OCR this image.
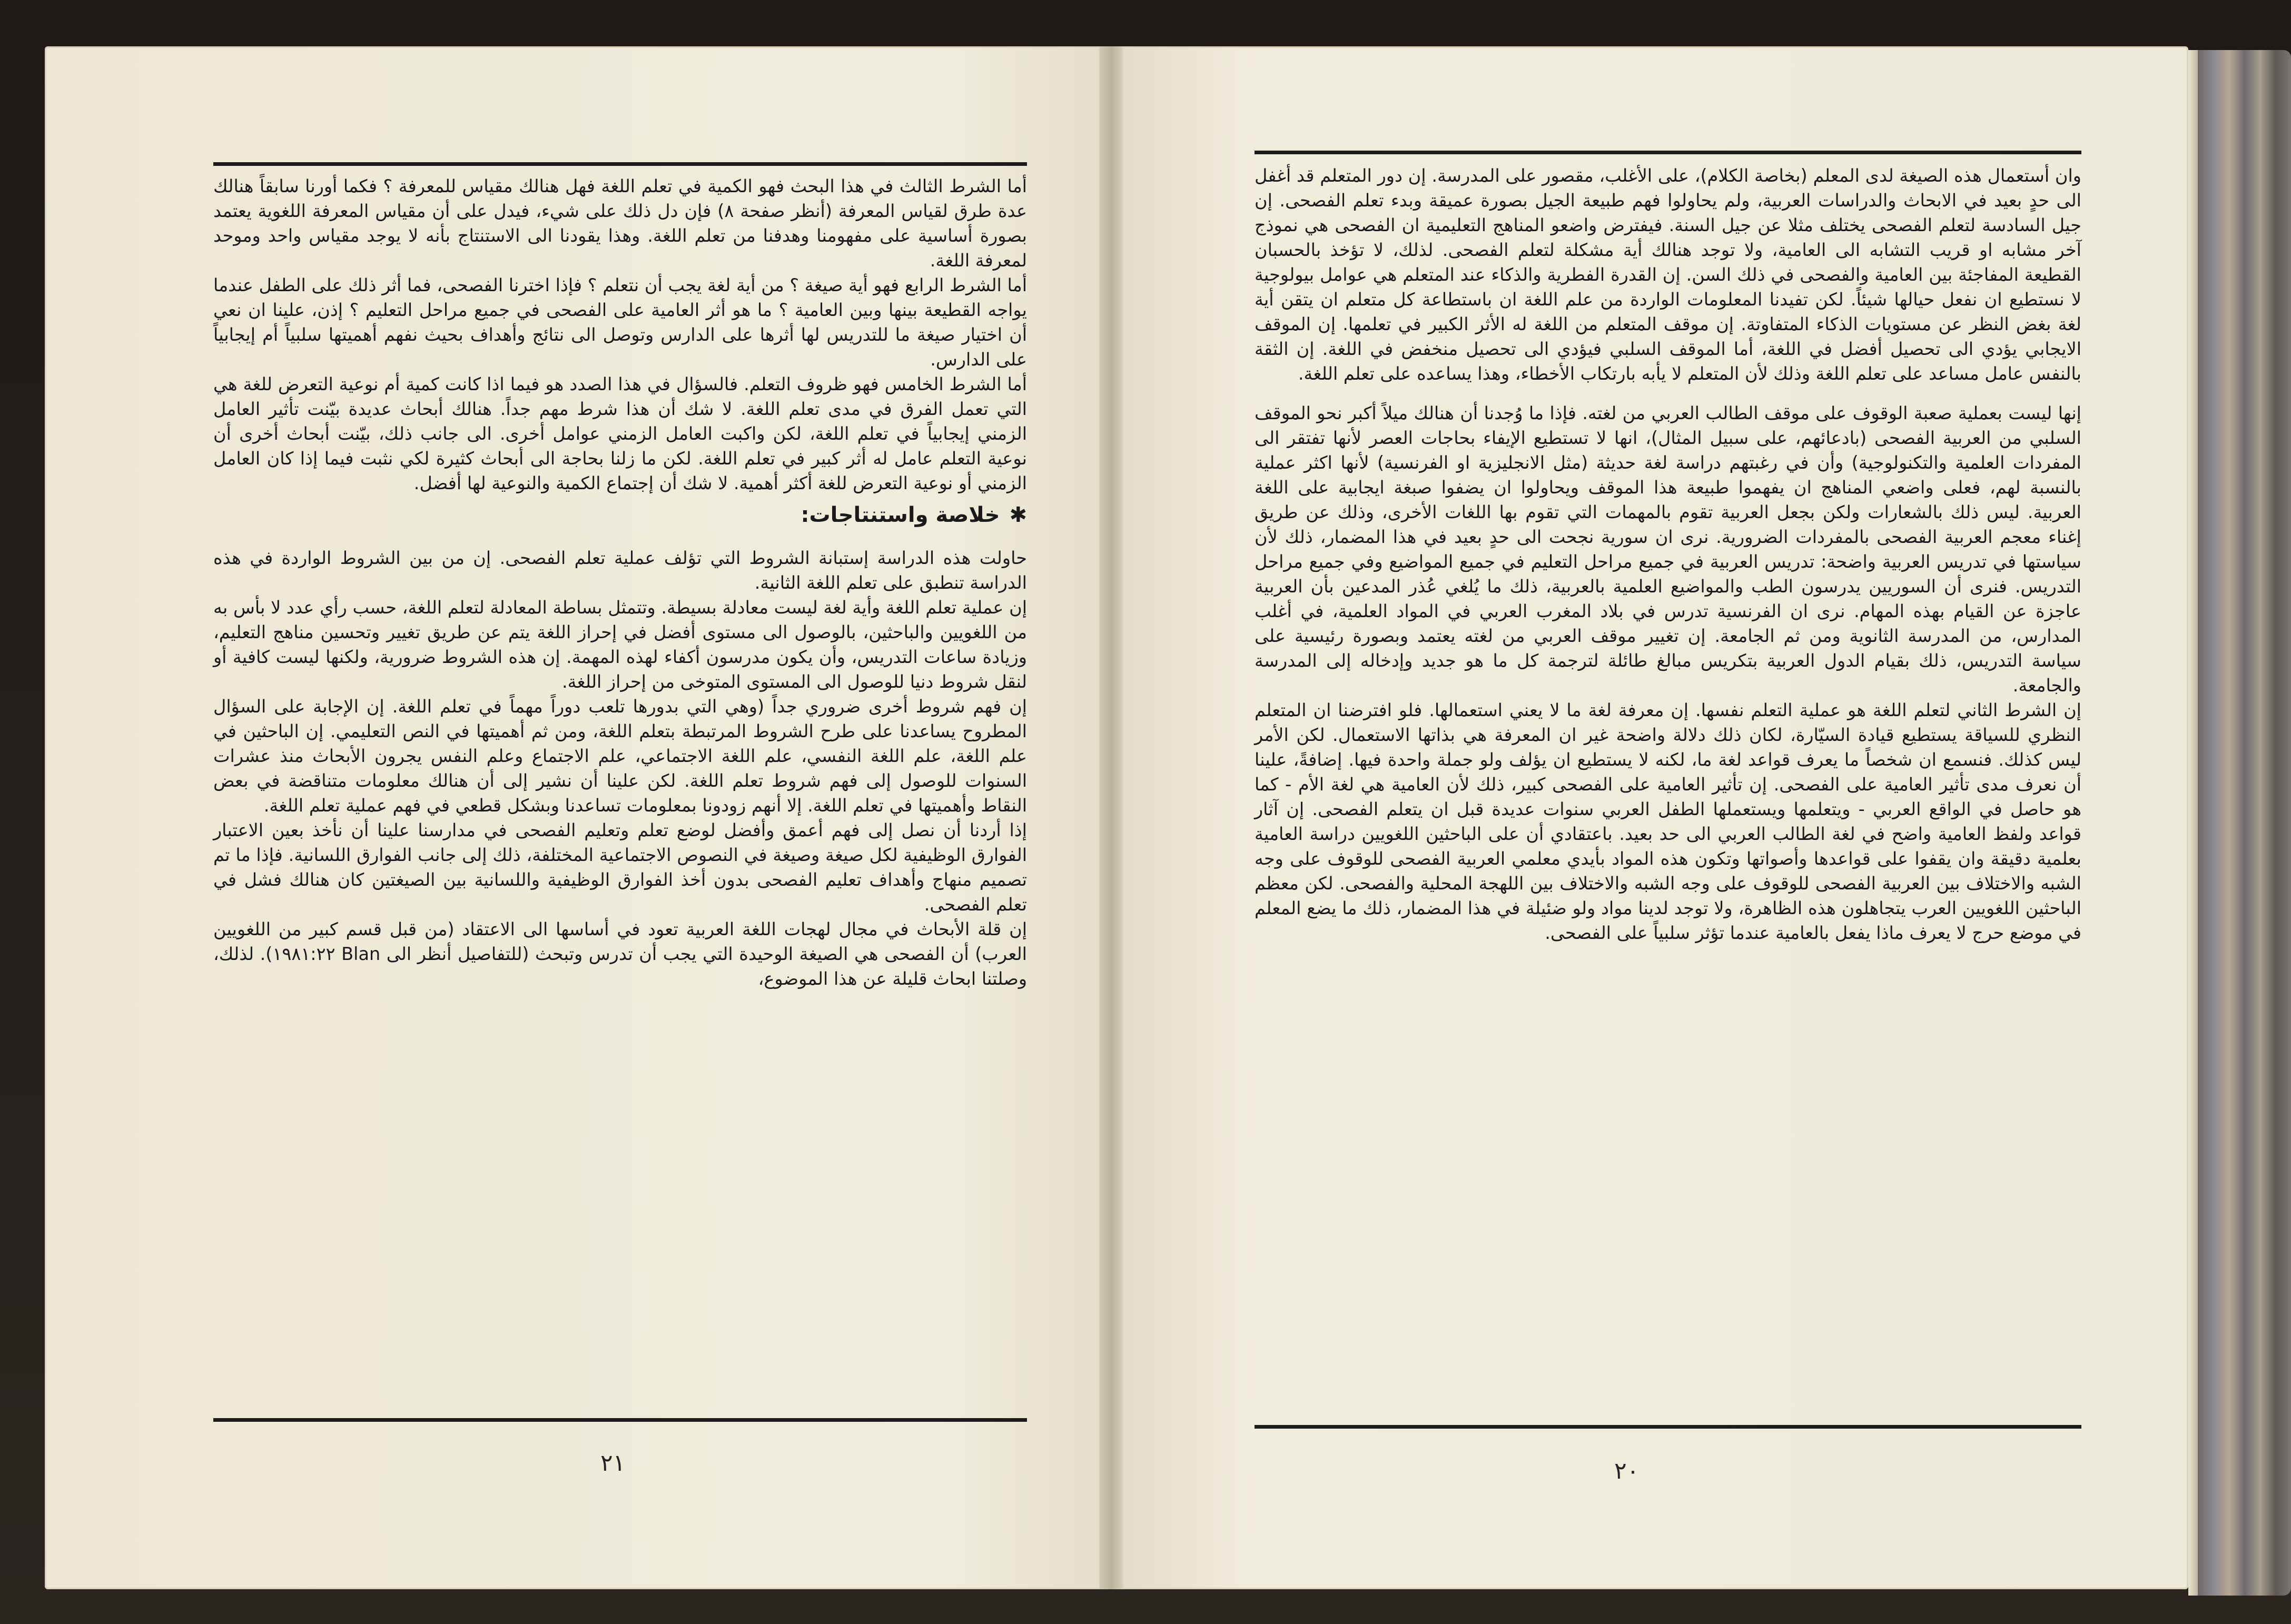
أما الشرط الثالث في هذا البحث فهو الكمية في تعلم اللغة فهل هنالك مقياس للمعرفة ؟ فكما أورنا سابقاً هنالك عدة طرق لقياس المعرفة (أنظر صفحة ٨) فإن دل ذلك على شيء، فيدل على أن مقياس المعرفة اللغوية يعتمد بصورة أساسية على مفهومنا وهدفنا من تعلم اللغة. وهذا يقودنا الى الاستنتاج بأنه لا يوجد مقياس واحد وموحد لمعرفة اللغة.

أما الشرط الرابع فهو أية صيغة ؟ من أية لغة يجب أن نتعلم ؟ فإذا اخترنا الفصحى، فما أثر ذلك على الطفل عندما يواجه القطيعة بينها وبين العامية ؟ ما هو أثر العامية على الفصحى في جميع مراحل التعليم ؟ إذن، علينا ان نعي أن اختيار صيغة ما للتدريس لها أثرها على الدارس وتوصل الى نتائج وأهداف بحيث نفهم أهميتها سلبياً أم إيجابياً على الدارس.

أما الشرط الخامس فهو ظروف التعلم. فالسؤال في هذا الصدد هو فيما اذا كانت كمية أم نوعية التعرض للغة هي التي تعمل الفرق في مدى تعلم اللغة. لا شك أن هذا شرط مهم جداً. هنالك أبحاث عديدة بيّنت تأثير العامل الزمني إيجابياً في تعلم اللغة، لكن واكبت العامل الزمني عوامل أخرى. الى جانب ذلك، بيّنت أبحاث أخرى أن نوعية التعلم عامل له أثر كبير في تعلم اللغة. لكن ما زلنا بحاجة الى أبحاث كثيرة لكي نثبت فيما إذا كان العامل الزمني أو نوعية التعرض للغة أكثر أهمية. لا شك أن إجتماع الكمية والنوعية لها أفضل.

✱خلاصة واستنتاجات:

حاولت هذه الدراسة إستبانة الشروط التي تؤلف عملية تعلم الفصحى. إن من بين الشروط الواردة في هذه الدراسة تنطبق على تعلم اللغة الثانية.

إن عملية تعلم اللغة وأية لغة ليست معادلة بسيطة. وتتمثل بساطة المعادلة لتعلم اللغة، حسب رأي عدد لا بأس به من اللغويين والباحثين، بالوصول الى مستوى أفضل في إحراز اللغة يتم عن طريق تغيير وتحسين مناهج التعليم، وزيادة ساعات التدريس، وأن يكون مدرسون أكفاء لهذه المهمة. إن هذه الشروط ضرورية، ولكنها ليست كافية أو لنقل شروط دنيا للوصول الى المستوى المتوخى من إحراز اللغة.

إن فهم شروط أخرى ضروري جداً (وهي التي بدورها تلعب دوراً مهماً في تعلم اللغة. إن الإجابة على السؤال المطروح يساعدنا على طرح الشروط المرتبطة بتعلم اللغة، ومن ثم أهميتها في النص التعليمي. إن الباحثين في علم اللغة، علم اللغة النفسي، علم اللغة الاجتماعي، علم الاجتماع وعلم النفس يجرون الأبحاث منذ عشرات السنوات للوصول إلى فهم شروط تعلم اللغة. لكن علينا أن نشير إلى أن هنالك معلومات متناقضة في بعض النقاط وأهميتها في تعلم اللغة. إلا أنهم زودونا بمعلومات تساعدنا وبشكل قطعي في فهم عملية تعلم اللغة.

إذا أردنا أن نصل إلى فهم أعمق وأفضل لوضع تعلم وتعليم الفصحى في مدارسنا علينا أن نأخذ بعين الاعتبار الفوارق الوظيفية لكل صيغة وصيغة في النصوص الاجتماعية المختلفة، ذلك إلى جانب الفوارق اللسانية. فإذا ما تم تصميم منهاج وأهداف تعليم الفصحى بدون أخذ الفوارق الوظيفية واللسانية بين الصيغتين كان هنالك فشل في تعلم الفصحى.

إن قلة الأبحاث في مجال لهجات اللغة العربية تعود في أساسها الى الاعتقاد (من قبل قسم كبير من اللغويين العرب) أن الفصحى هي الصيغة الوحيدة التي يجب أن تدرس وتبحث (للتفاصيل أنظر الى Blan ١٩٨١:٢٢). لذلك، وصلتنا ابحاث قليلة عن هذا الموضوع،

٢١

وان أستعمال هذه الصيغة لدى المعلم (بخاصة الكلام)، على الأغلب، مقصور على المدرسة. إن دور المتعلم قد أغفل الى حدٍ بعيد في الابحاث والدراسات العربية، ولم يحاولوا فهم طبيعة الجيل بصورة عميقة وبدء تعلم الفصحى. إن جيل السادسة لتعلم الفصحى يختلف مثلا عن جيل السنة. فيفترض واضعو المناهج التعليمية ان الفصحى هي نموذج آخر مشابه او قريب التشابه الى العامية، ولا توجد هنالك أية مشكلة لتعلم الفصحى. لذلك، لا تؤخذ بالحسبان القطيعة المفاجئة بين العامية والفصحى في ذلك السن. إن القدرة الفطرية والذكاء عند المتعلم هي عوامل بيولوجية لا نستطيع ان نفعل حيالها شيئاً. لكن تفيدنا المعلومات الواردة من علم اللغة ان باستطاعة كل متعلم ان يتقن أية لغة بغض النظر عن مستويات الذكاء المتفاوتة. إن موقف المتعلم من اللغة له الأثر الكبير في تعلمها. إن الموقف الايجابي يؤدي الى تحصيل أفضل في اللغة، أما الموقف السلبي فيؤدي الى تحصيل منخفض في اللغة. إن الثقة بالنفس عامل مساعد على تعلم اللغة وذلك لأن المتعلم لا يأبه بارتكاب الأخطاء، وهذا يساعده على تعلم اللغة.

إنها ليست بعملية صعبة الوقوف على موقف الطالب العربي من لغته. فإذا ما وُجدنا أن هنالك ميلاً أكبر نحو الموقف السلبي من العربية الفصحى (بادعائهم، على سبيل المثال)، انها لا تستطيع الإيفاء بحاجات العصر لأنها تفتقر الى المفردات العلمية والتكنولوجية) وأن في رغبتهم دراسة لغة حديثة (مثل الانجليزية او الفرنسية) لأنها اكثر عملية بالنسبة لهم، فعلى واضعي المناهج ان يفهموا طبيعة هذا الموقف ويحاولوا ان يضفوا صبغة ايجابية على اللغة العربية. ليس ذلك بالشعارات ولكن بجعل العربية تقوم بالمهمات التي تقوم بها اللغات الأخرى، وذلك عن طريق إغناء معجم العربية الفصحى بالمفردات الضرورية. نرى ان سورية نجحت الى حدٍ بعيد في هذا المضمار، ذلك لأن سياستها في تدريس العربية واضحة: تدريس العربية في جميع مراحل التعليم في جميع المواضيع وفي جميع مراحل التدريس. فنرى أن السوريين يدرسون الطب والمواضيع العلمية بالعربية، ذلك ما يُلغي عُذر المدعين بأن العربية عاجزة عن القيام بهذه المهام. نرى ان الفرنسية تدرس في بلاد المغرب العربي في المواد العلمية، في أغلب المدارس، من المدرسة الثانوية ومن ثم الجامعة. إن تغيير موقف العربي من لغته يعتمد وبصورة رئيسية على سياسة التدريس، ذلك بقيام الدول العربية بتكريس مبالغ طائلة لترجمة كل ما هو جديد وإدخاله إلى المدرسة والجامعة.

إن الشرط الثاني لتعلم اللغة هو عملية التعلم نفسها. إن معرفة لغة ما لا يعني استعمالها. فلو افترضنا ان المتعلم النظري للسياقة يستطيع قيادة السيّارة، لكان ذلك دلالة واضحة غير ان المعرفة هي بذاتها الاستعمال. لكن الأمر ليس كذلك. فنسمع ان شخصاً ما يعرف قواعد لغة ما، لكنه لا يستطيع ان يؤلف ولو جملة واحدة فيها. إضافةً، علينا أن نعرف مدى تأثير العامية على الفصحى. إن تأثير العامية على الفصحى كبير، ذلك لأن العامية هي لغة الأم - كما هو حاصل في الواقع العربي - ويتعلمها ويستعملها الطفل العربي سنوات عديدة قبل ان يتعلم الفصحى. إن آثار قواعد ولفظ العامية واضح في لغة الطالب العربي الى حد بعيد. باعتقادي أن على الباحثين اللغويين دراسة العامية بعلمية دقيقة وان يقفوا على قواعدها وأصواتها وتكون هذه المواد بأيدي معلمي العربية الفصحى للوقوف على وجه الشبه والاختلاف بين العربية الفصحى للوقوف على وجه الشبه والاختلاف بين اللهجة المحلية والفصحى. لكن معظم الباحثين اللغويين العرب يتجاهلون هذه الظاهرة، ولا توجد لدينا مواد ولو ضئيلة في هذا المضمار، ذلك ما يضع المعلم في موضع حرج لا يعرف ماذا يفعل بالعامية عندما تؤثر سلبياً على الفصحى.

٢٠
